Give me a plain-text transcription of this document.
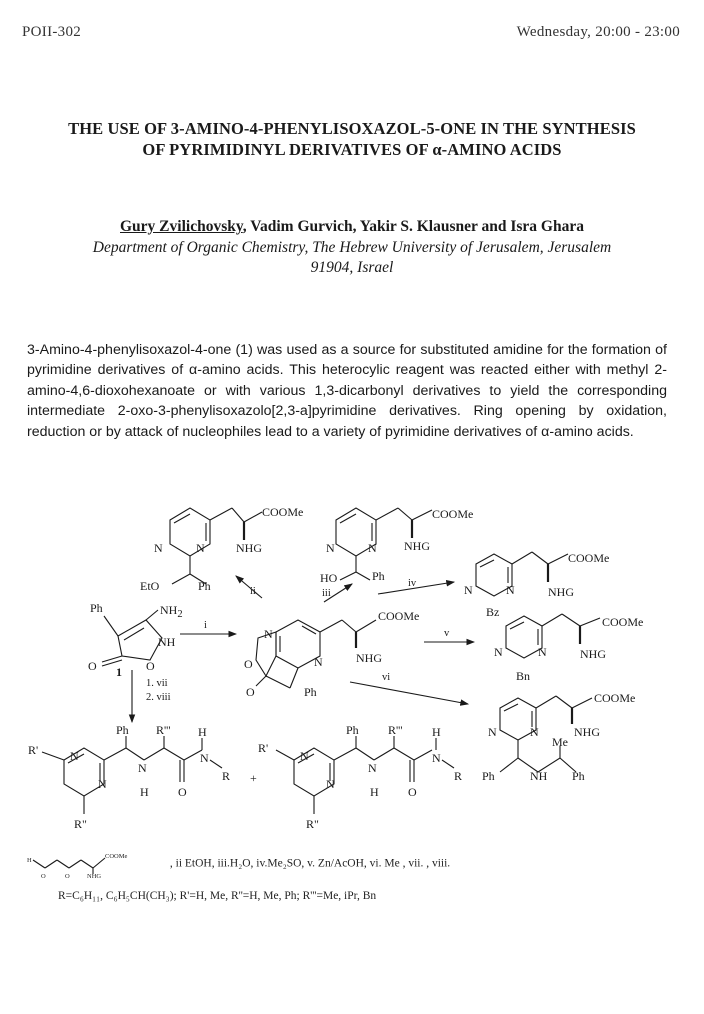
POII-302	Wednesday, 20:00 - 23:00
THE USE OF 3-AMINO-4-PHENYLISOXAZOL-5-ONE IN THE SYNTHESIS
OF PYRIMIDINYL DERIVATIVES OF α-AMINO ACIDS
Gury Zvilichovsky, Vadim Gurvich, Yakir S. Klausner and Isra Ghara
Department of Organic Chemistry, The Hebrew University of Jerusalem, Jerusalem
91904, Israel
3-Amino-4-phenylisoxazol-4-one (1) was used as a source for substituted amidine for the formation of pyrimidine derivatives of α-amino acids. This heterocylic reagent was reacted either with methyl 2-amino-4,6-dioxohexanoate or with various 1,3-dicarbonyl derivatives to yield the corresponding intermediate 2-oxo-3-phenylisoxazolo[2,3-a]pyrimidine derivatives. Ring opening by oxidation, reduction or by attack of nucleophiles lead to a variety of pyrimidine derivatives of α-amino acids.
COOMe
NHG
N	N
EtO	Ph
COOMe
NHG
N	N
HO	Ph
COOMe
NHG
N	N
Bz
COOMe
NHG
N	N
Bn
COOMe
NHG
N	N
Me
Ph	NH Ph
Ph	NH2
NH
O
O 1
COOMe
NHG
N
N
O
O	Ph
Ph R''' H
R'	N
N
N
H O
N
R
R"
+
Ph R''' H
R'
N
N
N
H O
N
R
R"
i
ii	iii
iv
v
vi
1. vii
2. viii
H
COOMe
NHG
O	O
, ii EtOH, iii.H₂O, iv.Me₂SO, v. Zn/AcOH, vi. Me , vii. , viii.
R=C₆H₁₁, C₆H₅CH(CH₃); R'=H, Me, R''=H, Me, Ph; R'''=Me, iPr, Bn
